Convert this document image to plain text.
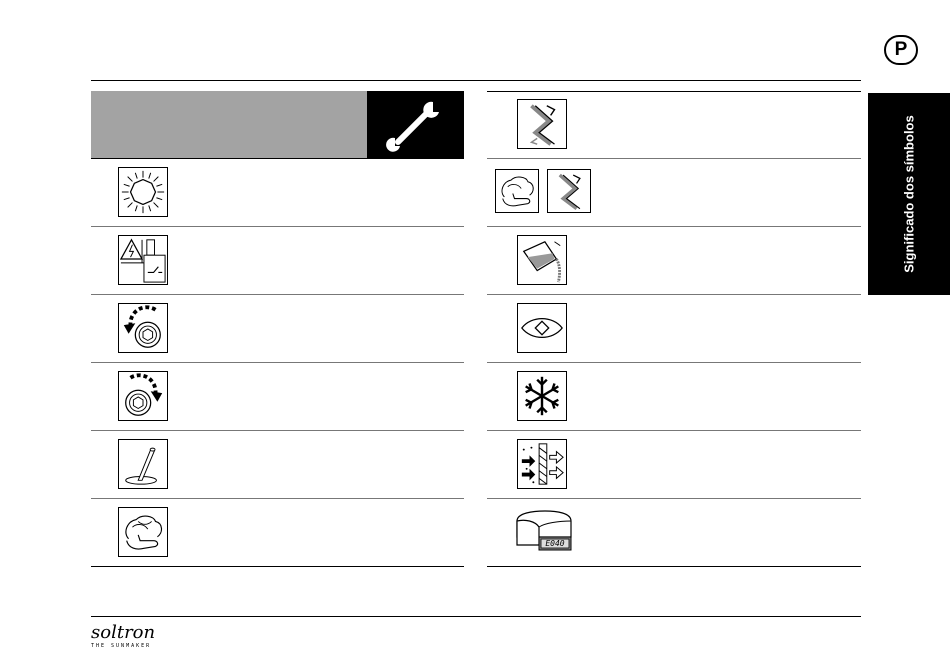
P
Significado dos símbolos
E040
soltron
THE SUNMAKER
